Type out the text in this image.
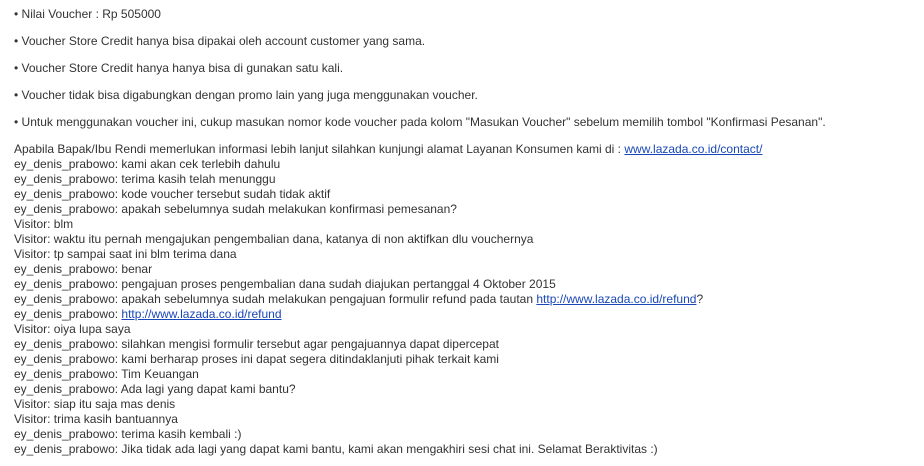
• Nilai Voucher : Rp 505000
• Voucher Store Credit hanya bisa dipakai oleh account customer yang sama.
• Voucher Store Credit hanya hanya bisa di gunakan satu kali.
• Voucher tidak bisa digabungkan dengan promo lain yang juga menggunakan voucher.
• Untuk menggunakan voucher ini, cukup masukan nomor kode voucher pada kolom "Masukan Voucher" sebelum memilih tombol "Konfirmasi Pesanan".
Apabila Bapak/Ibu Rendi memerlukan informasi lebih lanjut silahkan kunjungi alamat Layanan Konsumen kami di : www.lazada.co.id/contact/
ey_denis_prabowo: kami akan cek terlebih dahulu
ey_denis_prabowo: terima kasih telah menunggu
ey_denis_prabowo: kode voucher tersebut sudah tidak aktif
ey_denis_prabowo: apakah sebelumnya sudah melakukan konfirmasi pemesanan?
Visitor: blm
Visitor: waktu itu pernah mengajukan pengembalian dana, katanya di non aktifkan dlu vouchernya
Visitor: tp sampai saat ini blm terima dana
ey_denis_prabowo: benar
ey_denis_prabowo: pengajuan proses pengembalian dana sudah diajukan pertanggal 4 Oktober 2015
ey_denis_prabowo: apakah sebelumnya sudah melakukan pengajuan formulir refund pada tautan http://www.lazada.co.id/refund?
ey_denis_prabowo: http://www.lazada.co.id/refund
Visitor: oiya lupa saya
ey_denis_prabowo: silahkan mengisi formulir tersebut agar pengajuannya dapat dipercepat
ey_denis_prabowo: kami berharap proses ini dapat segera ditindaklanjuti pihak terkait kami
ey_denis_prabowo: Tim Keuangan
ey_denis_prabowo: Ada lagi yang dapat kami bantu?
Visitor: siap itu saja mas denis
Visitor: trima kasih bantuannya
ey_denis_prabowo: terima kasih kembali :)
ey_denis_prabowo: Jika tidak ada lagi yang dapat kami bantu, kami akan mengakhiri sesi chat ini. Selamat Beraktivitas :)
